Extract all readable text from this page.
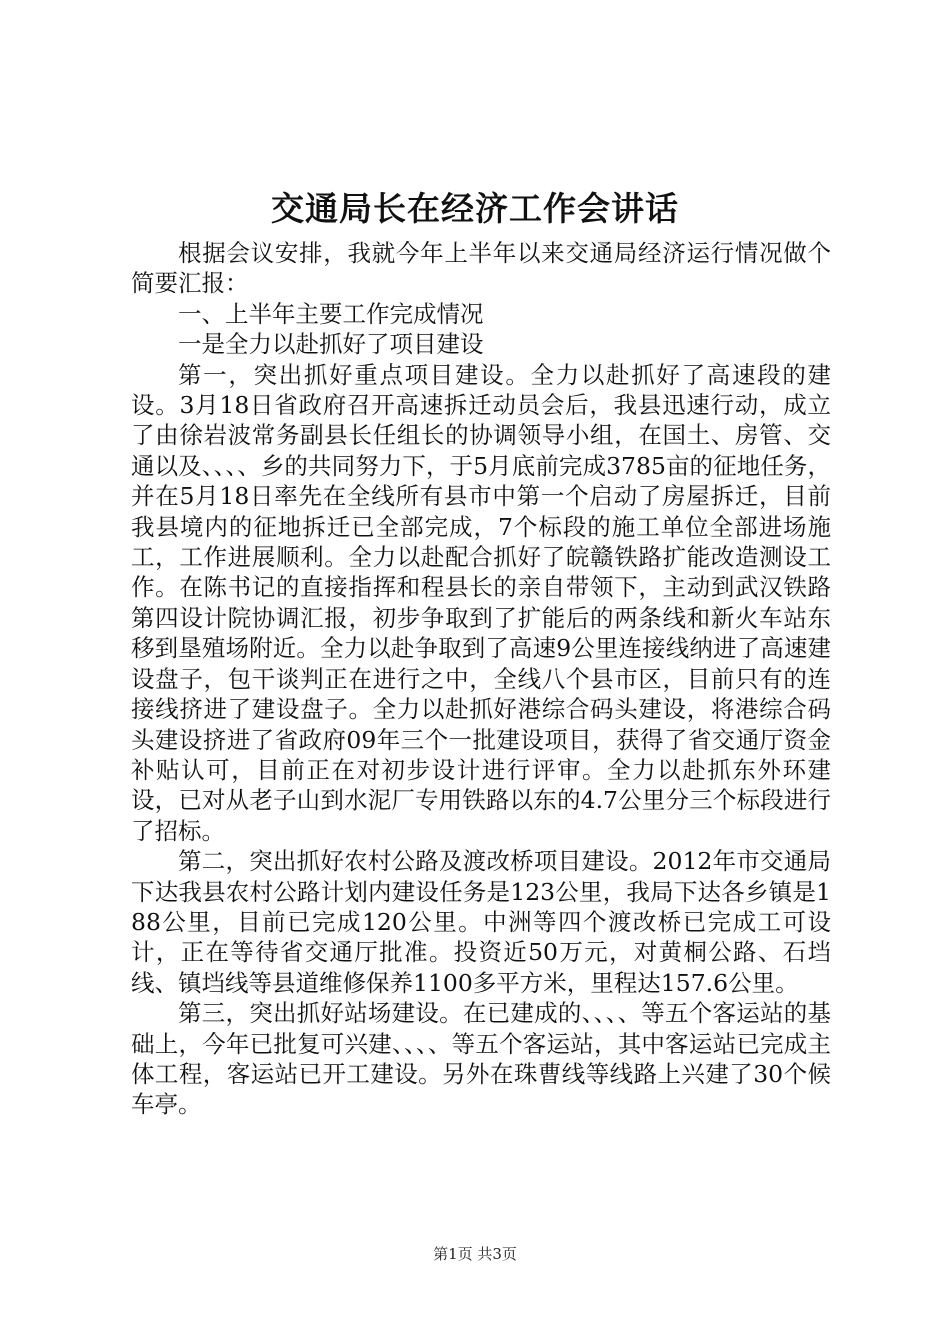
交通局长在经济工作会讲话

根据会议安排，我就今年上半年以来交通局经济运行情况做个简要汇报：

一、上半年主要工作完成情况

一是全力以赴抓好了项目建设

第一，突出抓好重点项目建设。全力以赴抓好了高速段的建设。3月18日省政府召开高速拆迁动员会后，我县迅速行动，成立了由徐岩波常务副县长任组长的协调领导小组，在国土、房管、交通以及、、、、乡的共同努力下，于5月底前完成3785亩的征地任务，并在5月18日率先在全线所有县市中第一个启动了房屋拆迁，目前我县境内的征地拆迁已全部完成，7个标段的施工单位全部进场施工，工作进展顺利。全力以赴配合抓好了皖赣铁路扩能改造测设工作。在陈书记的直接指挥和程县长的亲自带领下，主动到武汉铁路第四设计院协调汇报，初步争取到了扩能后的两条线和新火车站东移到垦殖场附近。全力以赴争取到了高速9公里连接线纳进了高速建设盘子，包干谈判正在进行之中，全线八个县市区，目前只有的连接线挤进了建设盘子。全力以赴抓好港综合码头建设，将港综合码头建设挤进了省政府09年三个一批建设项目，获得了省交通厅资金补贴认可，目前正在对初步设计进行评审。全力以赴抓东外环建设，已对从老子山到水泥厂专用铁路以东的4.7公里分三个标段进行了招标。

第二，突出抓好农村公路及渡改桥项目建设。2012年市交通局下达我县农村公路计划内建设任务是123公里，我局下达各乡镇是188公里，目前已完成120公里。中洲等四个渡改桥已完成工可设计，正在等待省交通厅批准。投资近50万元，对黄桐公路、石垱线、镇垱线等县道维修保养1100多平方米，里程达157.6公里。

第三，突出抓好站场建设。在已建成的、、、、等五个客运站的基础上，今年已批复可兴建、、、、等五个客运站，其中客运站已完成主体工程，客运站已开工建设。另外在珠曹线等线路上兴建了30个候车亭。

第1页 共3页
